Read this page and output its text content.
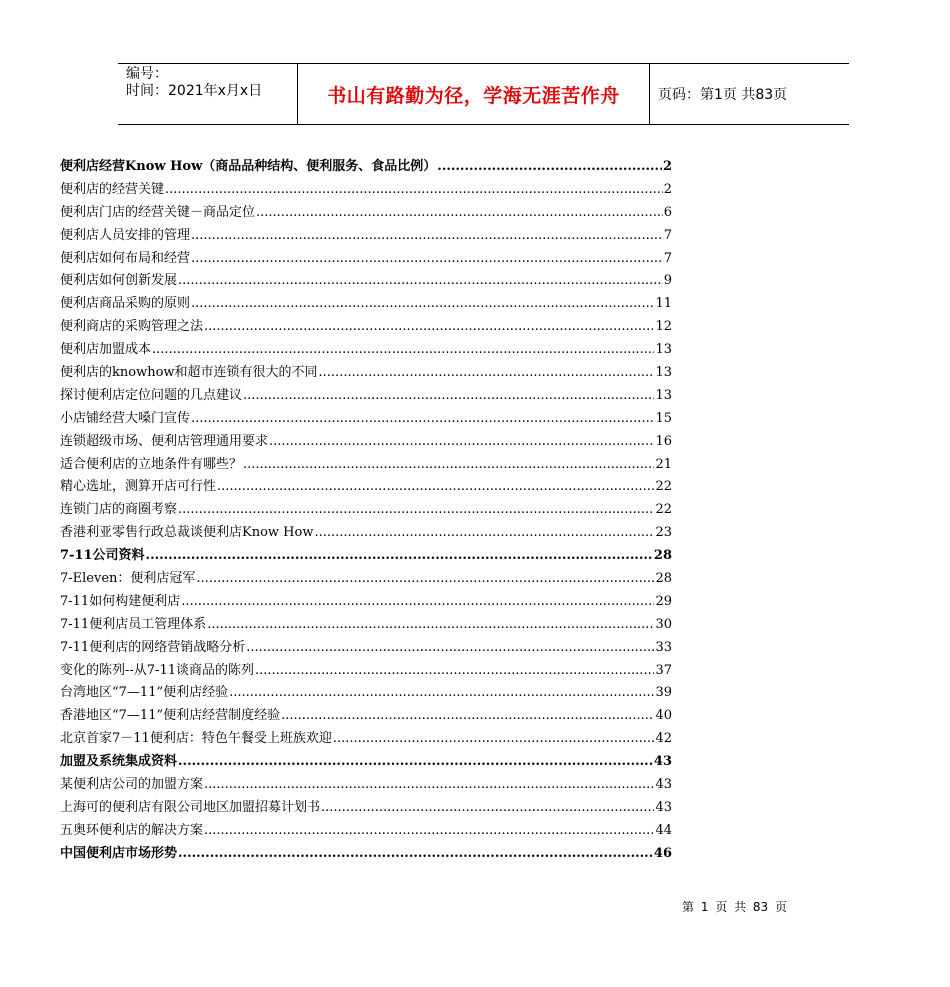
编号：
时间：2021年x月x日	书山有路勤为径，学海无涯苦作舟	页码：第1页 共83页
便利店经营Know How（商品品种结构、便利服务、食品比例） .....	2
便利店的经营关键 .....	2
便利店门店的经营关键－商品定位 .....	6
便利店人员安排的管理 .....	7
便利店如何布局和经营 .....	7
便利店如何创新发展 .....	9
便利店商品采购的原则 .....	11
便利商店的采购管理之法 .....	12
便利店加盟成本 .....	13
便利店的knowhow和超市连锁有很大的不同 .....	13
探讨便利店定位问题的几点建议 .....	13
小店铺经营大嗓门宣传 .....	15
连锁超级市场、便利店管理通用要求 .....	16
适合便利店的立地条件有哪些？ .....	21
精心选址，测算开店可行性 .....	22
连锁门店的商圈考察 .....	22
香港利亚零售行政总裁谈便利店Know How .....	23
7-11公司资料 .....	28
7-Eleven：便利店冠军 .....	28
7-11如何构建便利店 .....	29
7-11便利店员工管理体系 .....	30
7-11便利店的网络营销战略分析 .....	33
变化的陈列--从7-11谈商品的陈列 .....	37
台湾地区“7—11”便利店经验 .....	39
香港地区“7—11”便利店经营制度经验 .....	40
北京首家7－11便利店：特色午餐受上班族欢迎 .....	42
加盟及系统集成资料 .....	43
某便利店公司的加盟方案 .....	43
上海可的便利店有限公司地区加盟招募计划书 .....	43
五奥环便利店的解决方案 .....	44
中国便利店市场形势 .....	46
第 1 页 共 83 页
